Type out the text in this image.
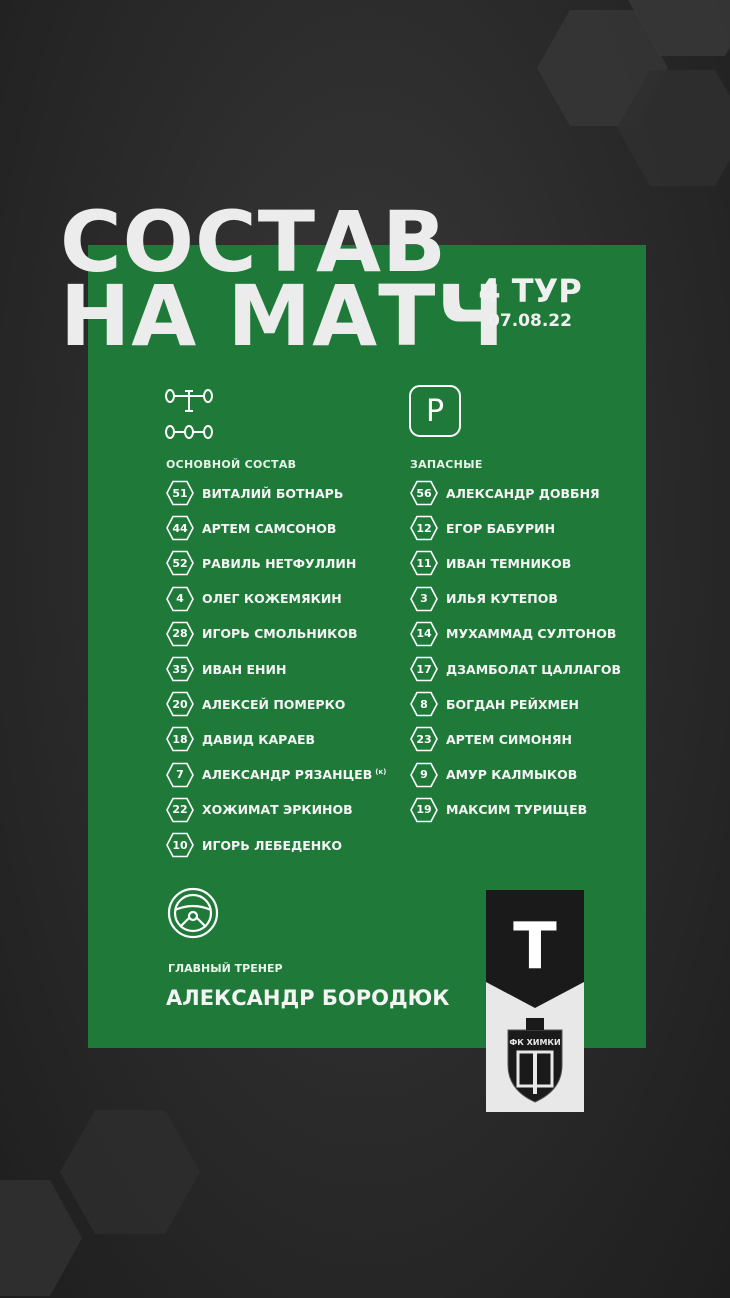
СОСТАВ
НА МАТЧ
4 ТУР
07.08.22
P
ОСНОВНОЙ СОСТАВ	ЗАПАСНЫЕ
51 ВИТАЛИЙ БОТНАРЬ
44 АРТЕМ САМСОНОВ
52 РАВИЛЬ НЕТФУЛЛИН
4 ОЛЕГ КОЖЕМЯКИН
28 ИГОРЬ СМОЛЬНИКОВ
35 ИВАН ЕНИН
20 АЛЕКСЕЙ ПОМЕРКО
18 ДАВИД КАРАЕВ
7 АЛЕКСАНДР РЯЗАНЦЕВ $^{(к)}$
22 ХОЖИМАТ ЭРКИНОВ
10 ИГОРЬ ЛЕБЕДЕНКО
56 АЛЕКСАНДР ДОВБНЯ
12 ЕГОР БАБУРИН
11 ИВАН ТЕМНИКОВ
3 ИЛЬЯ КУТЕПОВ
14 МУХАММАД СУЛТОНОВ
17 ДЗАМБОЛАТ ЦАЛЛАГОВ
8 БОГДАН РЕЙХМЕН
23 АРТЕМ СИМОНЯН
9 АМУР КАЛМЫКОВ
19 МАКСИМ ТУРИЩЕВ
ГЛАВНЫЙ ТРЕНЕР
АЛЕКСАНДР БОРОДЮК
Т
ФК ХИМКИ
